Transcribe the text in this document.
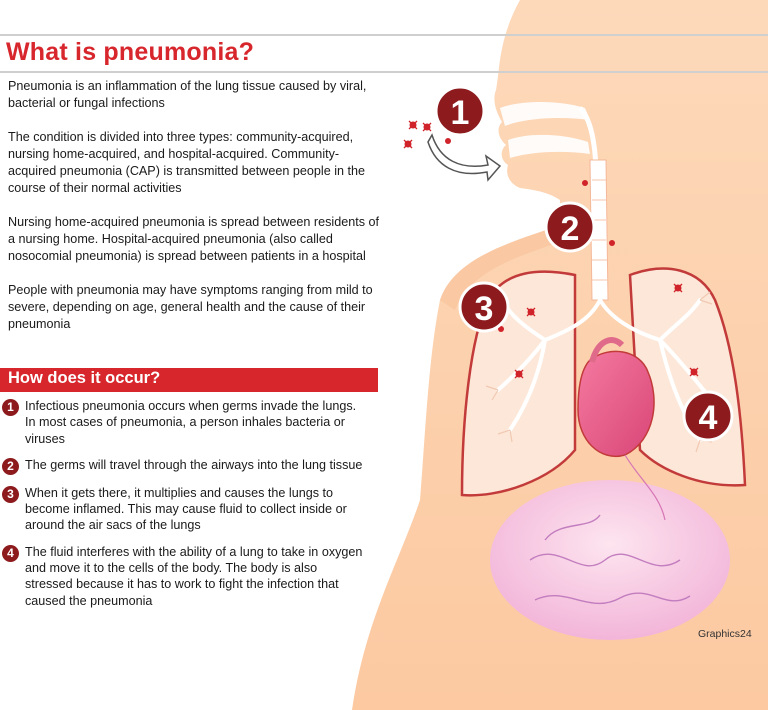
1
2
3
4
What is pneumonia?

Pneumonia is an inflammation of the lung tissue caused by viral, bacterial or fungal infections

The condition is divided into three types: community-acquired, nursing home-acquired, and hospital-acquired. Community-acquired pneumonia (CAP) is transmitted between people in the course of their normal activities

Nursing home-acquired pneumonia is spread between residents of a nursing home. Hospital-acquired pneumonia (also called nosocomial pneumonia) is spread between patients in a hospital

People with pneumonia may have symptoms ranging from mild to severe, depending on age, general health and the cause of their pneumonia

How does it occur?
1 Infectious pneumonia occurs when germs invade the lungs. In most cases of pneumonia, a person inhales bacteria or viruses
2 The germs will travel through the airways into the lung tissue
3 When it gets there, it multiplies and causes the lungs to become inflamed. This may cause fluid to collect inside or around the air sacs of the lungs
4 The fluid interferes with the ability of a lung to take in oxygen and move it to the cells of the body. The body is also stressed because it has to work to fight the infection that caused the pneumonia
Graphics24
